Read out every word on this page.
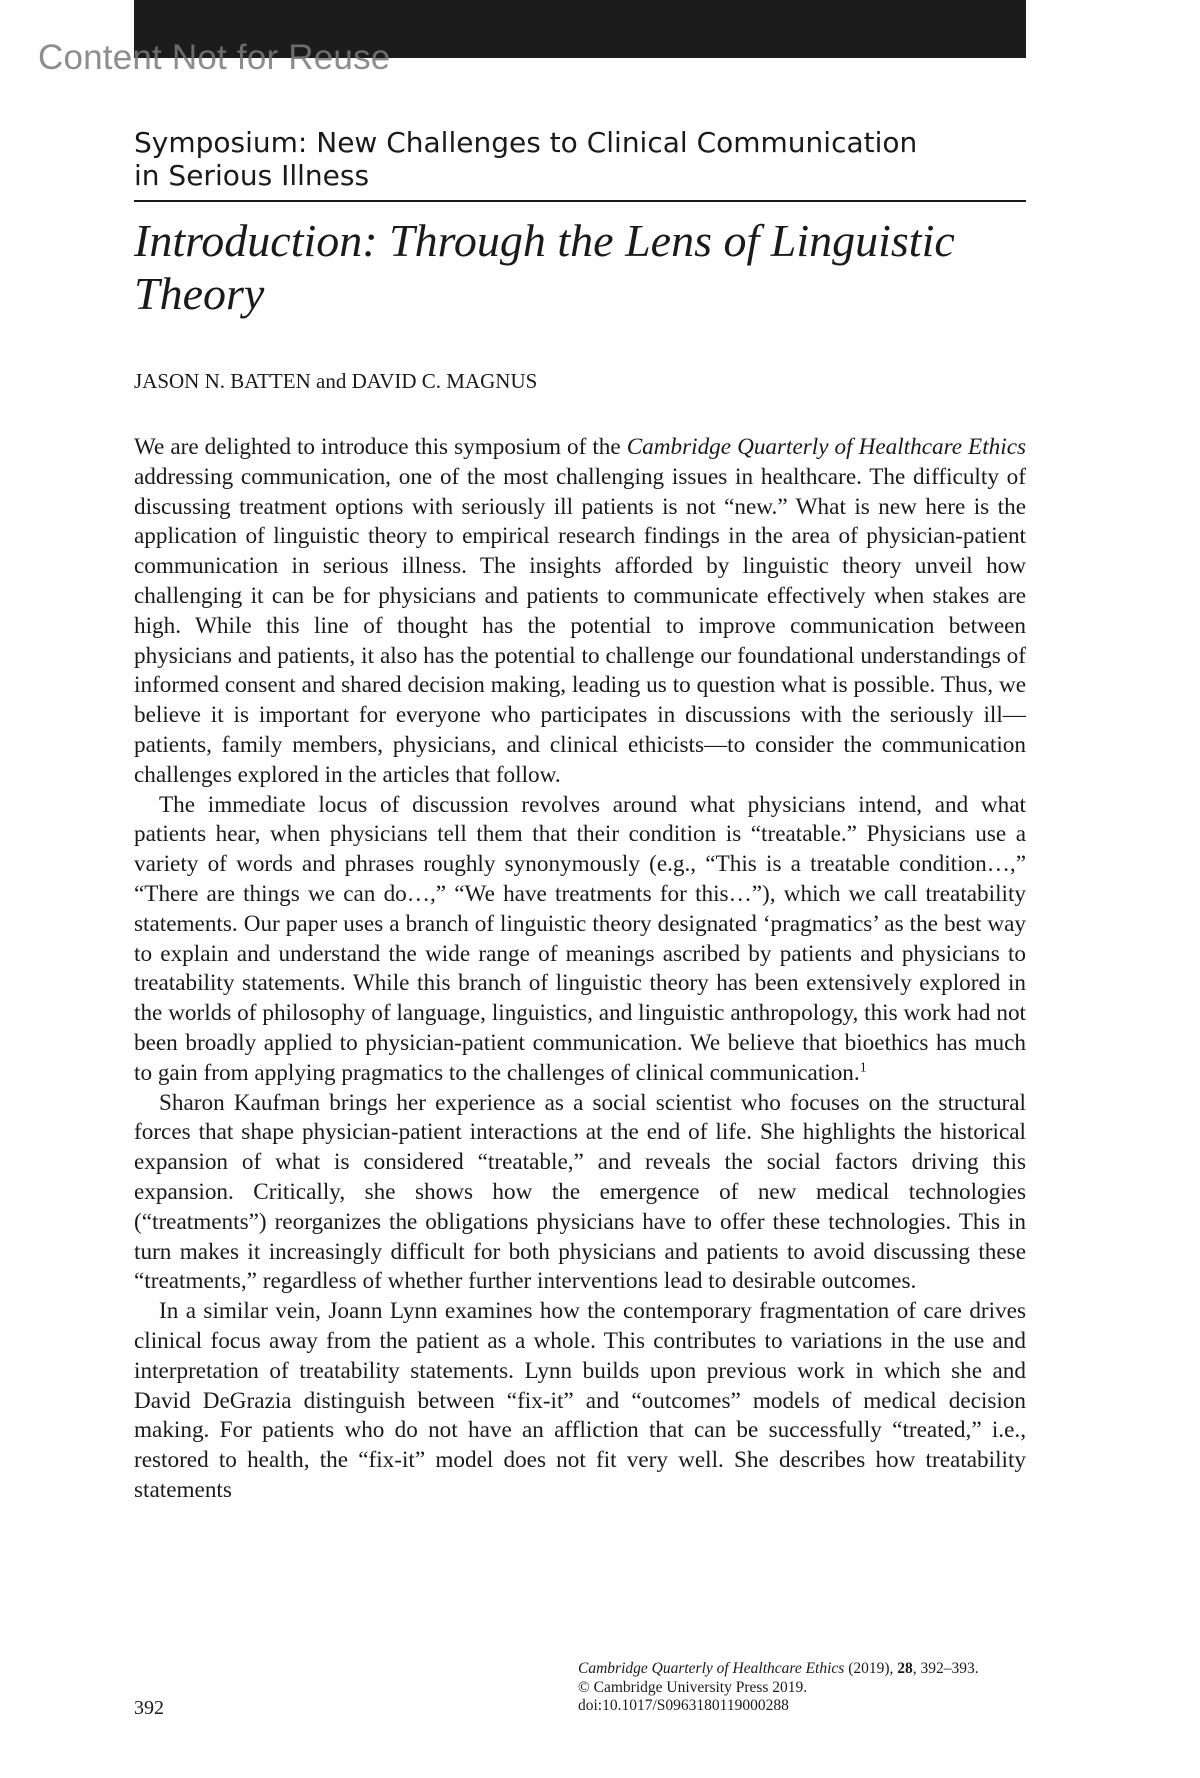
Content Not for Reuse
Symposium: New Challenges to Clinical Communication
in Serious Illness
Introduction: Through the Lens of Linguistic
Theory
JASON N. BATTEN and DAVID C. MAGNUS

We are delighted to introduce this symposium of the Cambridge Quarterly of Healthcare Ethics addressing communication, one of the most challenging issues in healthcare. The difficulty of discussing treatment options with seriously ill patients is not “new.” What is new here is the application of linguistic theory to empirical research findings in the area of physician-patient communication in serious illness. The insights afforded by linguistic theory unveil how challenging it can be for physicians and patients to communicate effectively when stakes are high. While this line of thought has the potential to improve communication between physicians and patients, it also has the potential to challenge our foundational understandings of informed consent and shared decision making, leading us to question what is possible. Thus, we believe it is important for everyone who participates in discussions with the seriously ill—patients, family members, physicians, and clinical ethicists—to consider the communication challenges explored in the articles that follow.

The immediate locus of discussion revolves around what physicians intend, and what patients hear, when physicians tell them that their condition is “treatable.” Physicians use a variety of words and phrases roughly synonymously (e.g., “This is a treatable condition…,” “There are things we can do…,” “We have treatments for this…”), which we call treatability statements. Our paper uses a branch of linguistic theory designated ‘pragmatics’ as the best way to explain and understand the wide range of meanings ascribed by patients and physicians to treatability statements. While this branch of linguistic theory has been extensively explored in the worlds of philosophy of language, linguistics, and linguistic anthropology, this work had not been broadly applied to physician-patient communication. We believe that bioethics has much to gain from applying pragmatics to the challenges of clinical communication.$^1$

Sharon Kaufman brings her experience as a social scientist who focuses on the structural forces that shape physician-patient interactions at the end of life. She highlights the historical expansion of what is considered “treatable,” and reveals the social factors driving this expansion. Critically, she shows how the emergence of new medical technologies (“treatments”) reorganizes the obligations physicians have to offer these technologies. This in turn makes it increasingly difficult for both physicians and patients to avoid discussing these “treatments,” regardless of whether further interventions lead to desirable outcomes.

In a similar vein, Joann Lynn examines how the contemporary fragmentation of care drives clinical focus away from the patient as a whole. This contributes to variations in the use and interpretation of treatability statements. Lynn builds upon previous work in which she and David DeGrazia distinguish between “fix-it” and “outcomes” models of medical decision making. For patients who do not have an affliction that can be successfully “treated,” i.e., restored to health, the “fix-it” model does not fit very well. She describes how treatability statements

Cambridge Quarterly of Healthcare Ethics (2019), 28, 392–393.
© Cambridge University Press 2019.
doi:10.1017/S0963180119000288
392
